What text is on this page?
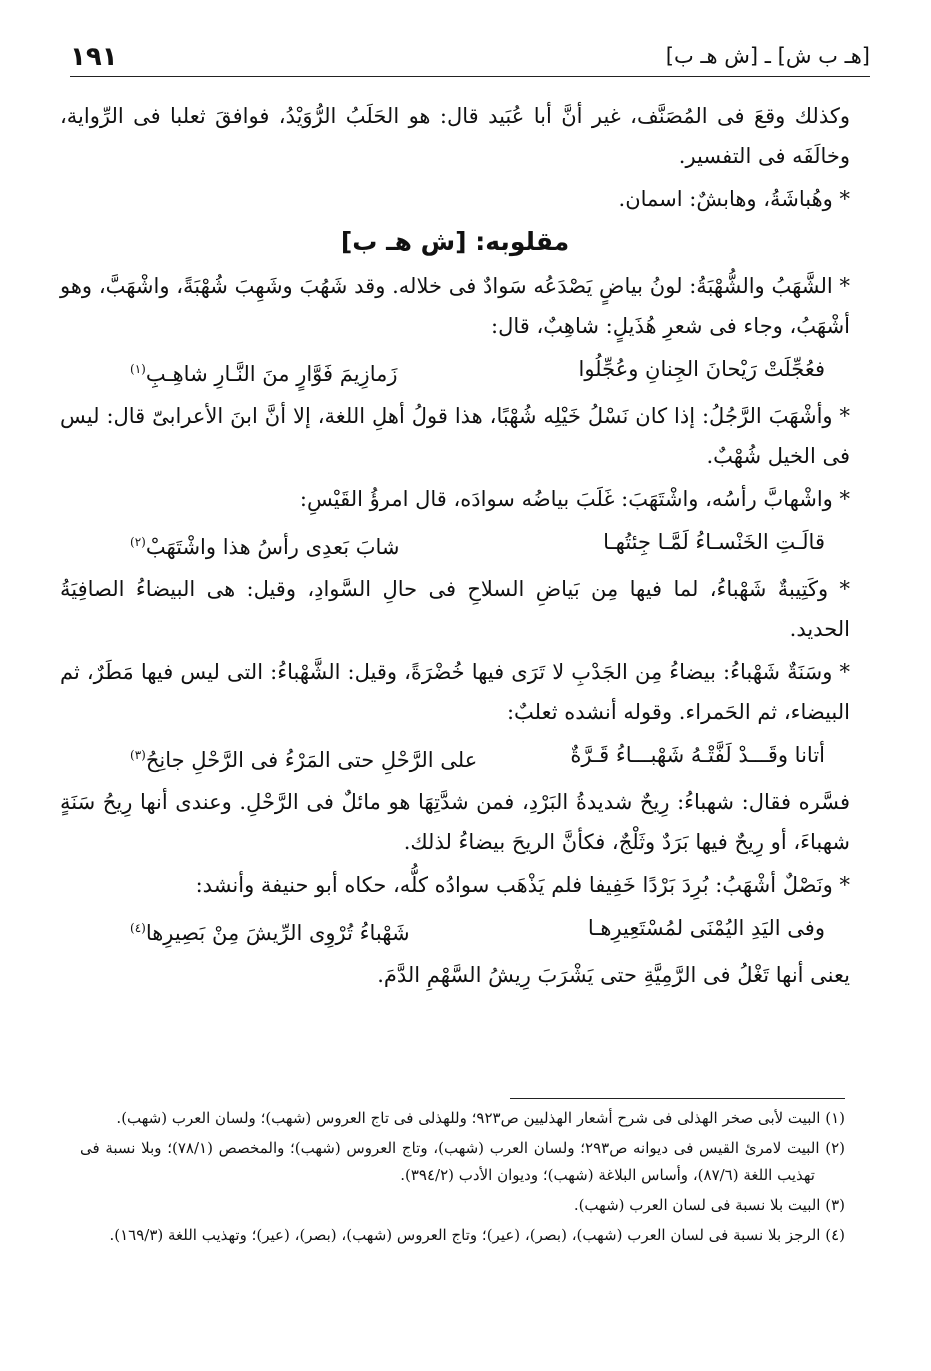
١٩١	[هـ ب ش] ـ [ش هـ ب]

وكذلك وقعَ فى المُصَنَّف، غير أنَّ أبا عُبَيد قال: هو الحَلَبُ الرُّوَيْدُ، فوافقَ ثعلبا فى الرِّواية، وخالَفَه فى التفسير.

* وهُباشَةُ، وهابشٌ: اسمان.

مقلوبه: [ش هـ ب]

* الشَّهَبُ والشُّهْبَةُ: لونُ بياضٍ يَصْدَعُه سَوادٌ فى خلاله. وقد شَهُبَ وشَهِبَ شُهْبَةً، واشْهَبَّ، وهو أشْهَبُ، وجاء فى شعرِ هُذَيلٍ: شاهِبٌ، قال:

فعُجِّلَتْ رَيْحانَ الجِنانِ وعُجِّلُوا
زَمازِيمَ فَوَّارٍ منَ النَّـارِ شاهِـبِ$^{(١)}$

* وأشْهَبَ الرَّجُلُ: إذا كان نَسْلُ خَيْلِه شُهْبًا، هذا قولُ أهلِ اللغة، إلا أنَّ ابنَ الأعرابىّ قال: ليس فى الخيل شُهْبٌ.

* واشْهابَّ رأسُه، واشْتَهَبَ: غَلَبَ بياضُه سوادَه، قال امرؤُ القَيْسِ:

قالَـتِ الخَنْسـاءُ لَمَّـا جِئتُهـا
شابَ بَعدِى رأسُ هذا واشْتَهَبْ$^{(٢)}$

* وكَتِيبةٌ شَهْباءُ، لما فيها مِن بَياضِ السلاحِ فى حالِ السَّوادِ، وقيل: هى البيضاءُ الصافِيَةُ الحديد.

* وسَنَةٌ شَهْباءُ: بيضاءُ مِن الجَدْبِ لا تَرَى فيها خُضْرَةً، وقيل: الشَّهْباءُ: التى ليس فيها مَطَرٌ، ثم البيضاء، ثم الحَمراء. وقوله أنشده ثعلبٌ:

أتانا وقَـــدْ لَفَّتْـهُ شَهْبـــاءُ قَـرَّةٌ
على الرَّحْلِ حتى المَرْءُ فى الرَّحْلِ جانِحُ$^{(٣)}$

فسَّره فقال: شهباءُ: رِيحٌ شديدةُ البَرْدِ، فمن شدَّتِهَا هو مائلٌ فى الرَّحْلِ. وعندى أنها رِيحُ سَنَةٍ شهباءَ، أو رِيحٌ فيها بَرَدٌ وثَلْجٌ، فكأنَّ الريحَ بيضاءُ لذلك.

* ونَصْلٌ أشْهَبُ: بُرِدَ بَرْدًا خَفِيفا فلم يَذْهَب سوادُه كلُّه، حكاه أبو حنيفة وأنشد:

وفى اليَدِ اليُمْنَى لمُسْتَعِيرِهـا
شَهْباءُ تُرْوِى الرِّيشَ مِنْ بَصِيرِها$^{(٤)}$

يعنى أنها تَغْلُ فى الرَّمِيَّةِ حتى يَشْرَبَ رِيشُ السَّهْمِ الدَّمَ.

(١) البيت لأبى صخر الهذلى فى شرح أشعار الهذليين ص٩٢٣؛ وللهذلى فى تاج العروس (شهب)؛ ولسان العرب (شهب).

(٢) البيت لامرئ القيس فى ديوانه ص٢٩٣؛ ولسان العرب (شهب)، وتاج العروس (شهب)؛ والمخصص (٧٨/١)؛ وبلا نسبة فى تهذيب اللغة (٨٧/٦)، وأساس البلاغة (شهب)؛ وديوان الأدب (٣٩٤/٢).

(٣) البيت بلا نسبة فى لسان العرب (شهب).

(٤) الرجز بلا نسبة فى لسان العرب (شهب)، (بصر)، (عير)؛ وتاج العروس (شهب)، (بصر)، (عير)؛ وتهذيب اللغة (١٦٩/٣).
